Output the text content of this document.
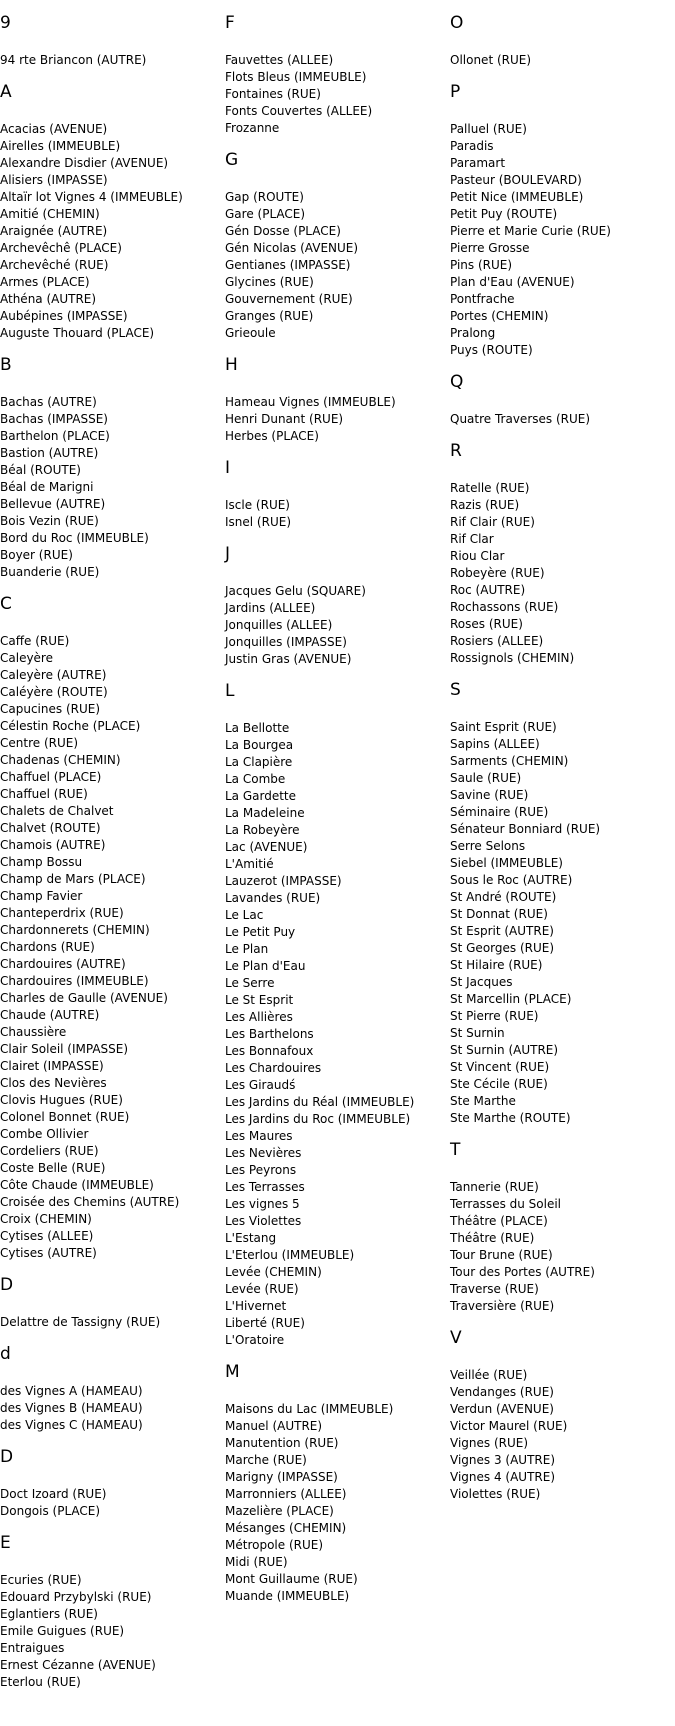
9
94 rte Briancon (AUTRE)
A
Acacias (AVENUE)
Airelles (IMMEUBLE)
Alexandre Disdier (AVENUE)
Alisiers (IMPASSE)
Altaïr lot Vignes 4 (IMMEUBLE)
Amitié (CHEMIN)
Araignée (AUTRE)
Archevêchê (PLACE)
Archevêché (RUE)
Armes (PLACE)
Athéna (AUTRE)
Aubépines (IMPASSE)
Auguste Thouard (PLACE)
B
Bachas (AUTRE)
Bachas (IMPASSE)
Barthelon (PLACE)
Bastion (AUTRE)
Béal (ROUTE)
Béal de Marigni
Bellevue (AUTRE)
Bois Vezin (RUE)
Bord du Roc (IMMEUBLE)
Boyer (RUE)
Buanderie (RUE)
C
Caffe (RUE)
Caleyère
Caleyère (AUTRE)
Caléyère (ROUTE)
Capucines (RUE)
Célestin Roche (PLACE)
Centre (RUE)
Chadenas (CHEMIN)
Chaffuel (PLACE)
Chaffuel (RUE)
Chalets de Chalvet
Chalvet (ROUTE)
Chamois (AUTRE)
Champ Bossu
Champ de Mars (PLACE)
Champ Favier
Chanteperdrix (RUE)
Chardonnerets (CHEMIN)
Chardons (RUE)
Chardouires (AUTRE)
Chardouires (IMMEUBLE)
Charles de Gaulle (AVENUE)
Chaude (AUTRE)
Chaussière
Clair Soleil (IMPASSE)
Clairet (IMPASSE)
Clos des Nevières
Clovis Hugues (RUE)
Colonel Bonnet (RUE)
Combe Ollivier
Cordeliers (RUE)
Coste Belle (RUE)
Côte Chaude (IMMEUBLE)
Croisée des Chemins (AUTRE)
Croix (CHEMIN)
Cytises (ALLEE)
Cytises (AUTRE)
D
Delattre de Tassigny (RUE)
d
des Vignes A (HAMEAU)
des Vignes B (HAMEAU)
des Vignes C (HAMEAU)
D
Doct Izoard (RUE)
Dongois (PLACE)
E
Ecuries (RUE)
Edouard Przybylski (RUE)
Eglantiers (RUE)
Emile Guigues (RUE)
Entraigues
Ernest Cézanne (AVENUE)
Eterlou (RUE)
F
Fauvettes (ALLEE)
Flots Bleus (IMMEUBLE)
Fontaines (RUE)
Fonts Couvertes (ALLEE)
Frozanne
G
Gap (ROUTE)
Gare (PLACE)
Gén Dosse (PLACE)
Gén Nicolas (AVENUE)
Gentianes (IMPASSE)
Glycines (RUE)
Gouvernement (RUE)
Granges (RUE)
Grieoule
H
Hameau Vignes (IMMEUBLE)
Henri Dunant (RUE)
Herbes (PLACE)
I
Iscle (RUE)
Isnel (RUE)
J
Jacques Gelu (SQUARE)
Jardins (ALLEE)
Jonquilles (ALLEE)
Jonquilles (IMPASSE)
Justin Gras (AVENUE)
L
La Bellotte
La Bourgea
La Clapière
La Combe
La Gardette
La Madeleine
La Robeyère
Lac (AVENUE)
L'Amitié
Lauzerot (IMPASSE)
Lavandes (RUE)
Le Lac
Le Petit Puy
Le Plan
Le Plan d'Eau
Le Serre
Le St Esprit
Les Allières
Les Barthelons
Les Bonnafoux
Les Chardouires
Les Giraudś
Les Jardins du Réal (IMMEUBLE)
Les Jardins du Roc (IMMEUBLE)
Les Maures
Les Nevières
Les Peyrons
Les Terrasses
Les vignes 5
Les Violettes
L'Estang
L'Eterlou (IMMEUBLE)
Levée (CHEMIN)
Levée (RUE)
L'Hivernet
Liberté (RUE)
L'Oratoire
M
Maisons du Lac (IMMEUBLE)
Manuel (AUTRE)
Manutention (RUE)
Marche (RUE)
Marigny (IMPASSE)
Marronniers (ALLEE)
Mazelière (PLACE)
Mésanges (CHEMIN)
Métropole (RUE)
Midi (RUE)
Mont Guillaume (RUE)
Muande (IMMEUBLE)
O
Ollonet (RUE)
P
Palluel (RUE)
Paradis
Paramart
Pasteur (BOULEVARD)
Petit Nice (IMMEUBLE)
Petit Puy (ROUTE)
Pierre et Marie Curie (RUE)
Pierre Grosse
Pins (RUE)
Plan d'Eau (AVENUE)
Pontfrache
Portes (CHEMIN)
Pralong
Puys (ROUTE)
Q
Quatre Traverses (RUE)
R
Ratelle (RUE)
Razis (RUE)
Rif Clair (RUE)
Rif Clar
Riou Clar
Robeyère (RUE)
Roc (AUTRE)
Rochassons (RUE)
Roses (RUE)
Rosiers (ALLEE)
Rossignols (CHEMIN)
S
Saint Esprit (RUE)
Sapins (ALLEE)
Sarments (CHEMIN)
Saule (RUE)
Savine (RUE)
Séminaire (RUE)
Sénateur Bonniard (RUE)
Serre Selons
Siebel (IMMEUBLE)
Sous le Roc (AUTRE)
St André (ROUTE)
St Donnat (RUE)
St Esprit (AUTRE)
St Georges (RUE)
St Hilaire (RUE)
St Jacques
St Marcellin (PLACE)
St Pierre (RUE)
St Surnin
St Surnin (AUTRE)
St Vincent (RUE)
Ste Cécile (RUE)
Ste Marthe
Ste Marthe (ROUTE)
T
Tannerie (RUE)
Terrasses du Soleil
Théâtre (PLACE)
Théâtre (RUE)
Tour Brune (RUE)
Tour des Portes (AUTRE)
Traverse (RUE)
Traversière (RUE)
V
Veillée (RUE)
Vendanges (RUE)
Verdun (AVENUE)
Victor Maurel (RUE)
Vignes (RUE)
Vignes 3 (AUTRE)
Vignes 4 (AUTRE)
Violettes (RUE)
